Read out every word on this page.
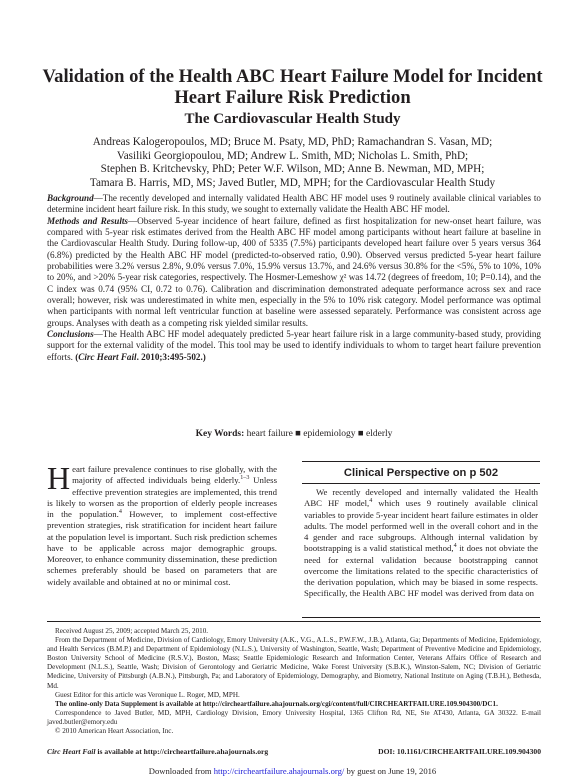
Validation of the Health ABC Heart Failure Model for Incident Heart Failure Risk Prediction
The Cardiovascular Health Study
Andreas Kalogeropoulos, MD; Bruce M. Psaty, MD, PhD; Ramachandran S. Vasan, MD;
Vasiliki Georgiopoulou, MD; Andrew L. Smith, MD; Nicholas L. Smith, PhD;
Stephen B. Kritchevsky, PhD; Peter W.F. Wilson, MD; Anne B. Newman, MD, MPH;
Tamara B. Harris, MD, MS; Javed Butler, MD, MPH; for the Cardiovascular Health Study

Background—The recently developed and internally validated Health ABC HF model uses 9 routinely available clinical variables to determine incident heart failure risk. In this study, we sought to externally validate the Health ABC HF model.

Methods and Results—Observed 5-year incidence of heart failure, defined as first hospitalization for new-onset heart failure, was compared with 5-year risk estimates derived from the Health ABC HF model among participants without heart failure at baseline in the Cardiovascular Health Study. During follow-up, 400 of 5335 (7.5%) participants developed heart failure over 5 years versus 364 (6.8%) predicted by the Health ABC HF model (predicted-to-observed ratio, 0.90). Observed versus predicted 5-year heart failure probabilities were 3.2% versus 2.8%, 9.0% versus 7.0%, 15.9% versus 13.7%, and 24.6% versus 30.8% for the <5%, 5% to 10%, 10% to 20%, and >20% 5-year risk categories, respectively. The Hosmer-Lemeshow χ² was 14.72 (degrees of freedom, 10; P=0.14), and the C index was 0.74 (95% CI, 0.72 to 0.76). Calibration and discrimination demonstrated adequate performance across sex and race overall; however, risk was underestimated in white men, especially in the 5% to 10% risk category. Model performance was optimal when participants with normal left ventricular function at baseline were assessed separately. Performance was consistent across age groups. Analyses with death as a competing risk yielded similar results.

Conclusions—The Health ABC HF model adequately predicted 5-year heart failure risk in a large community-based study, providing support for the external validity of the model. This tool may be used to identify individuals to whom to target heart failure prevention efforts. (Circ Heart Fail. 2010;3:495-502.)

Key Words: heart failure ■ epidemiology ■ elderly

Heart failure prevalence continues to rise globally, with the majority of affected individuals being elderly.$^{1-3}$ Unless effective prevention strategies are implemented, this trend is likely to worsen as the proportion of elderly people increases in the population.$^4$ However, to implement cost-effective prevention strategies, risk stratification for incident heart failure at the population level is important. Such risk prediction schemes have to be applicable across major demographic groups. Moreover, to enhance community dissemination, these prediction schemes preferably should be based on parameters that are widely available and obtained at no or minimal cost.

Clinical Perspective on p 502

We recently developed and internally validated the Health ABC HF model,$^4$ which uses 9 routinely available clinical variables to provide 5-year incident heart failure estimates in older adults. The model performed well in the overall cohort and in the 4 gender and race subgroups. Although internal validation by bootstrapping is a valid statistical method,$^4$ it does not obviate the need for external validation because bootstrapping cannot overcome the limitations related to the specific characteristics of the derivation population, which may be biased in some respects. Specifically, the Health ABC HF model was derived from data on

Received August 25, 2009; accepted March 25, 2010.

From the Department of Medicine, Division of Cardiology, Emory University (A.K., V.G., A.L.S., P.W.F.W., J.B.), Atlanta, Ga; Departments of Medicine, Epidemiology, and Health Services (B.M.P.) and Department of Epidemiology (N.L.S.), University of Washington, Seattle, Wash; Department of Preventive Medicine and Epidemiology, Boston University School of Medicine (R.S.V.), Boston, Mass; Seattle Epidemiologic Research and Information Center, Veterans Affairs Office of Research and Development (N.L.S.), Seattle, Wash; Division of Gerontology and Geriatric Medicine, Wake Forest University (S.B.K.), Winston-Salem, NC; Division of Geriatric Medicine, University of Pittsburgh (A.B.N.), Pittsburgh, Pa; and Laboratory of Epidemiology, Demography, and Biometry, National Institute on Aging (T.B.H.), Bethesda, Md.

Guest Editor for this article was Veronique L. Roger, MD, MPH.

The online-only Data Supplement is available at http://circheartfailure.ahajournals.org/cgi/content/full/CIRCHEARTFAILURE.109.904300/DC1.

Correspondence to Javed Butler, MD, MPH, Cardiology Division, Emory University Hospital, 1365 Clifton Rd, NE, Ste AT430, Atlanta, GA 30322. E-mail javed.butler@emory.edu

© 2010 American Heart Association, Inc.

Circ Heart Fail is available at http://circheartfailure.ahajournals.org	DOI: 10.1161/CIRCHEARTFAILURE.109.904300
Downloaded from http://circheartfailure.ahajournals.org/ by guest on June 19, 2016
